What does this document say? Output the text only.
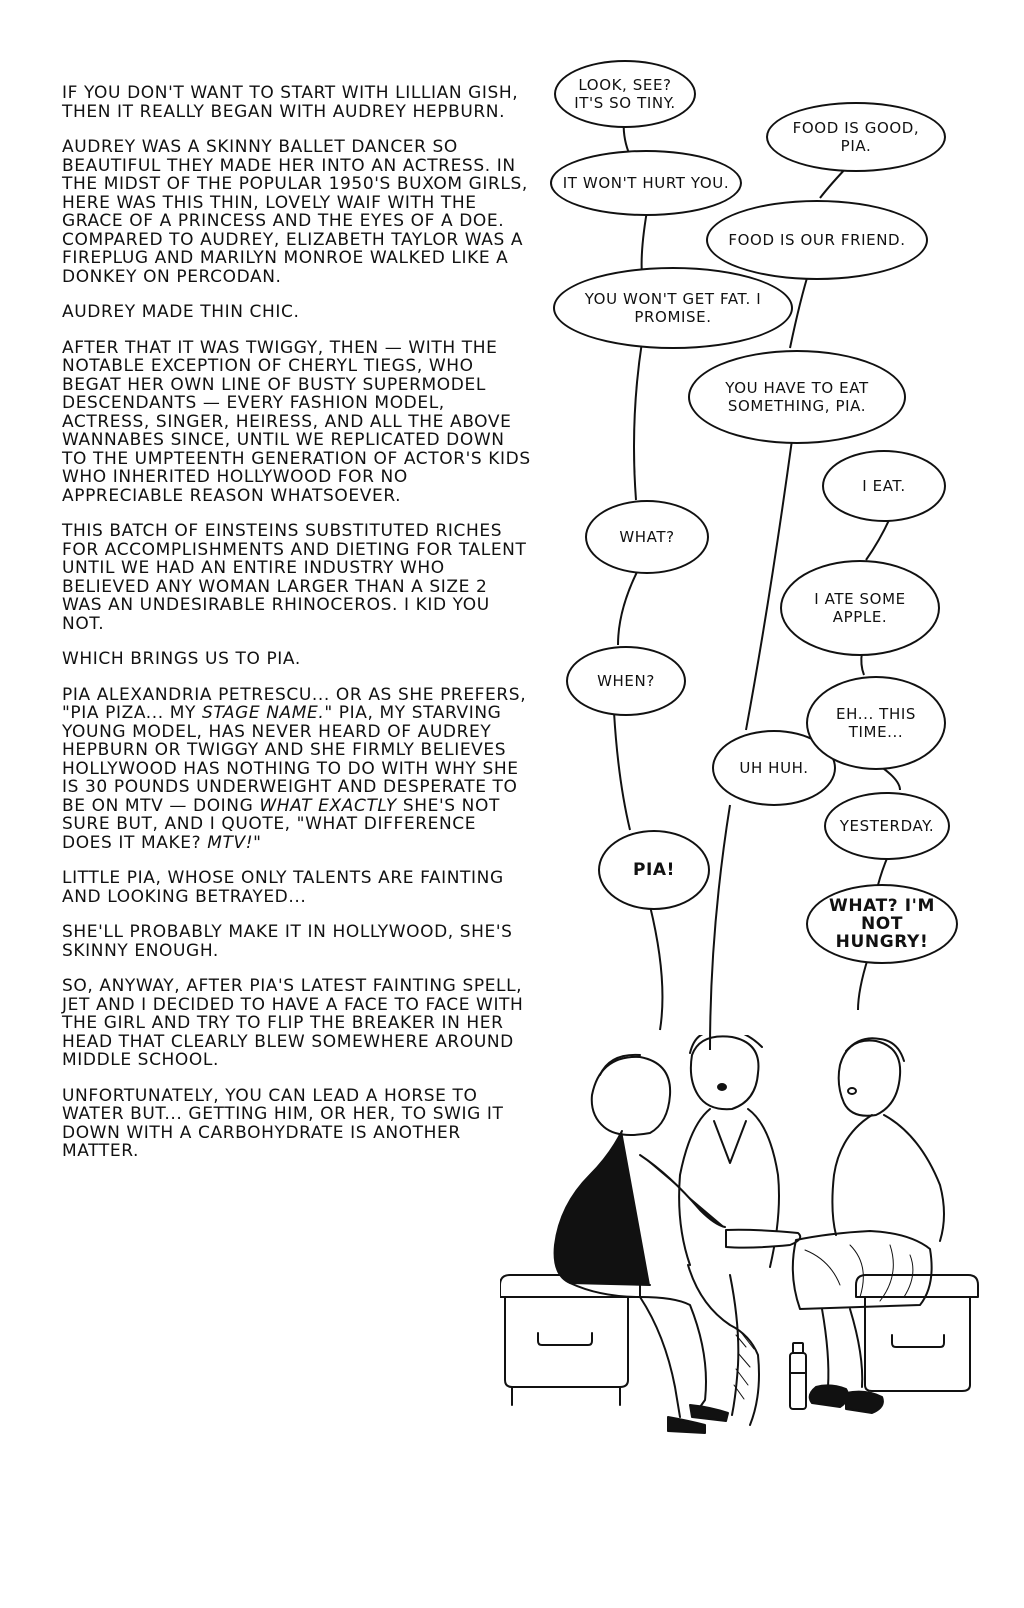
IF YOU DON'T WANT TO START WITH LILLIAN GISH, THEN IT REALLY BEGAN WITH AUDREY HEPBURN.

AUDREY WAS A SKINNY BALLET DANCER SO BEAUTIFUL THEY MADE HER INTO AN ACTRESS. IN THE MIDST OF THE POPULAR 1950'S BUXOM GIRLS, HERE WAS THIS THIN, LOVELY WAIF WITH THE GRACE OF A PRINCESS AND THE EYES OF A DOE. COMPARED TO AUDREY, ELIZABETH TAYLOR WAS A FIREPLUG AND MARILYN MONROE WALKED LIKE A DONKEY ON PERCODAN.

AUDREY MADE THIN CHIC.

AFTER THAT IT WAS TWIGGY, THEN — WITH THE NOTABLE EXCEPTION OF CHERYL TIEGS, WHO BEGAT HER OWN LINE OF BUSTY SUPERMODEL DESCENDANTS — EVERY FASHION MODEL, ACTRESS, SINGER, HEIRESS, AND ALL THE ABOVE WANNABES SINCE, UNTIL WE REPLICATED DOWN TO THE UMPTEENTH GENERATION OF ACTOR'S KIDS WHO INHERITED HOLLYWOOD FOR NO APPRECIABLE REASON WHATSOEVER.

THIS BATCH OF EINSTEINS SUBSTITUTED RICHES FOR ACCOMPLISHMENTS AND DIETING FOR TALENT UNTIL WE HAD AN ENTIRE INDUSTRY WHO BELIEVED ANY WOMAN LARGER THAN A SIZE 2 WAS AN UNDESIRABLE RHINOCEROS. I KID YOU NOT.

WHICH BRINGS US TO PIA.

PIA ALEXANDRIA PETRESCU... OR AS SHE PREFERS, "PIA PIZA... MY STAGE NAME." PIA, MY STARVING YOUNG MODEL, HAS NEVER HEARD OF AUDREY HEPBURN OR TWIGGY AND SHE FIRMLY BELIEVES HOLLYWOOD HAS NOTHING TO DO WITH WHY SHE IS 30 POUNDS UNDERWEIGHT AND DESPERATE TO BE ON MTV — DOING WHAT EXACTLY SHE'S NOT SURE BUT, AND I QUOTE, "WHAT DIFFERENCE DOES IT MAKE? MTV!"

LITTLE PIA, WHOSE ONLY TALENTS ARE FAINTING AND LOOKING BETRAYED...

SHE'LL PROBABLY MAKE IT IN HOLLYWOOD, SHE'S SKINNY ENOUGH.

SO, ANYWAY, AFTER PIA'S LATEST FAINTING SPELL, JET AND I DECIDED TO HAVE A FACE TO FACE WITH THE GIRL AND TRY TO FLIP THE BREAKER IN HER HEAD THAT CLEARLY BLEW SOMEWHERE AROUND MIDDLE SCHOOL.

UNFORTUNATELY, YOU CAN LEAD A HORSE TO WATER BUT... GETTING HIM, OR HER, TO SWIG IT DOWN WITH A CARBOHYDRATE IS ANOTHER MATTER.

LOOK, SEE? IT'S SO TINY.
IT WON'T HURT YOU.
YOU WON'T GET FAT. I PROMISE.
WHAT?
WHEN?
PIA!
FOOD IS GOOD, PIA.
FOOD IS OUR FRIEND.
YOU HAVE TO EAT SOMETHING, PIA.
UH HUH.
I EAT.
I ATE SOME APPLE.
EH... THIS TIME...
YESTERDAY.
WHAT? I'M NOT HUNGRY!
